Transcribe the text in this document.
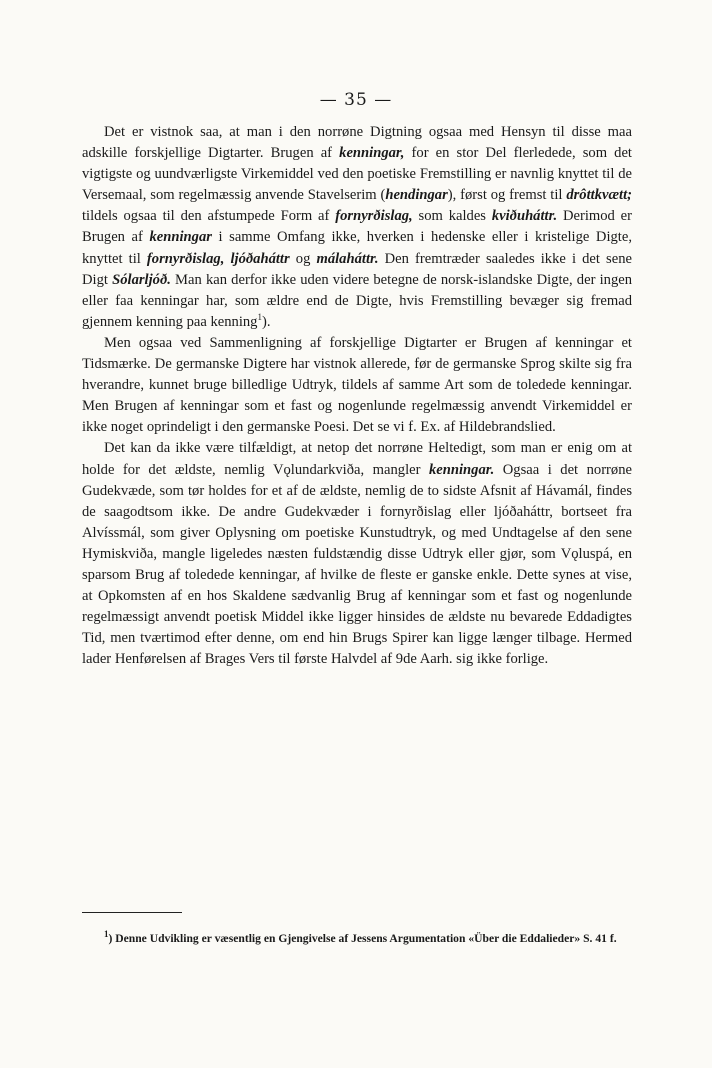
— 35 —

Det er vistnok saa, at man i den norrøne Digtning ogsaa med Hensyn til disse maa adskille forskjellige Digtarter. Brugen af kenningar, for en stor Del flerledede, som det vigtigste og uundværligste Virkemiddel ved den poetiske Fremstilling er navnlig knyttet til de Versemaal, som regelmæssig anvende Stavelserim (hendingar), først og fremst til drôttkvætt; tildels ogsaa til den afstumpede Form af fornyrðislag, som kaldes kviðuháttr. Derimod er Brugen af kenningar i samme Omfang ikke, hverken i hedenske eller i kristelige Digte, knyttet til fornyrðislag, ljóðaháttr og málaháttr. Den fremtræder saaledes ikke i det sene Digt Sólarljóð. Man kan derfor ikke uden videre betegne de norsk-islandske Digte, der ingen eller faa kenningar har, som ældre end de Digte, hvis Fremstilling bevæger sig fremad gjennem kenning paa kenning$^1$).

Men ogsaa ved Sammenligning af forskjellige Digtarter er Brugen af kenningar et Tidsmærke. De germanske Digtere har vistnok allerede, før de germanske Sprog skilte sig fra hverandre, kunnet bruge billedlige Udtryk, tildels af samme Art som de toledede kenningar. Men Brugen af kenningar som et fast og nogenlunde regelmæssig anvendt Virkemiddel er ikke noget oprindeligt i den germanske Poesi. Det se vi f. Ex. af Hildebrandslied.

Det kan da ikke være tilfældigt, at netop det norrøne Heltedigt, som man er enig om at holde for det ældste, nemlig Vǫlundarkviða, mangler kenningar. Ogsaa i det norrøne Gudekvæde, som tør holdes for et af de ældste, nemlig de to sidste Afsnit af Hávamál, findes de saagodtsom ikke. De andre Gudekvæder i fornyrðislag eller ljóðaháttr, bortseet fra Alvíssmál, som giver Oplysning om poetiske Kunstudtryk, og med Undtagelse af den sene Hymiskviða, mangle ligeledes næsten fuldstændig disse Udtryk eller gjør, som Vǫluspá, en sparsom Brug af toledede kenningar, af hvilke de fleste er ganske enkle. Dette synes at vise, at Opkomsten af en hos Skaldene sædvanlig Brug af kenningar som et fast og nogenlunde regelmæssigt anvendt poetisk Middel ikke ligger hinsides de ældste nu bevarede Eddadigtes Tid, men tværtimod efter denne, om end hin Brugs Spirer kan ligge længer tilbage. Hermed lader Henførelsen af Brages Vers til første Halvdel af 9de Aarh. sig ikke forlige.

$^1$) Denne Udvikling er væsentlig en Gjengivelse af Jessens Argumentation «Über die Eddalieder» S. 41 f.
